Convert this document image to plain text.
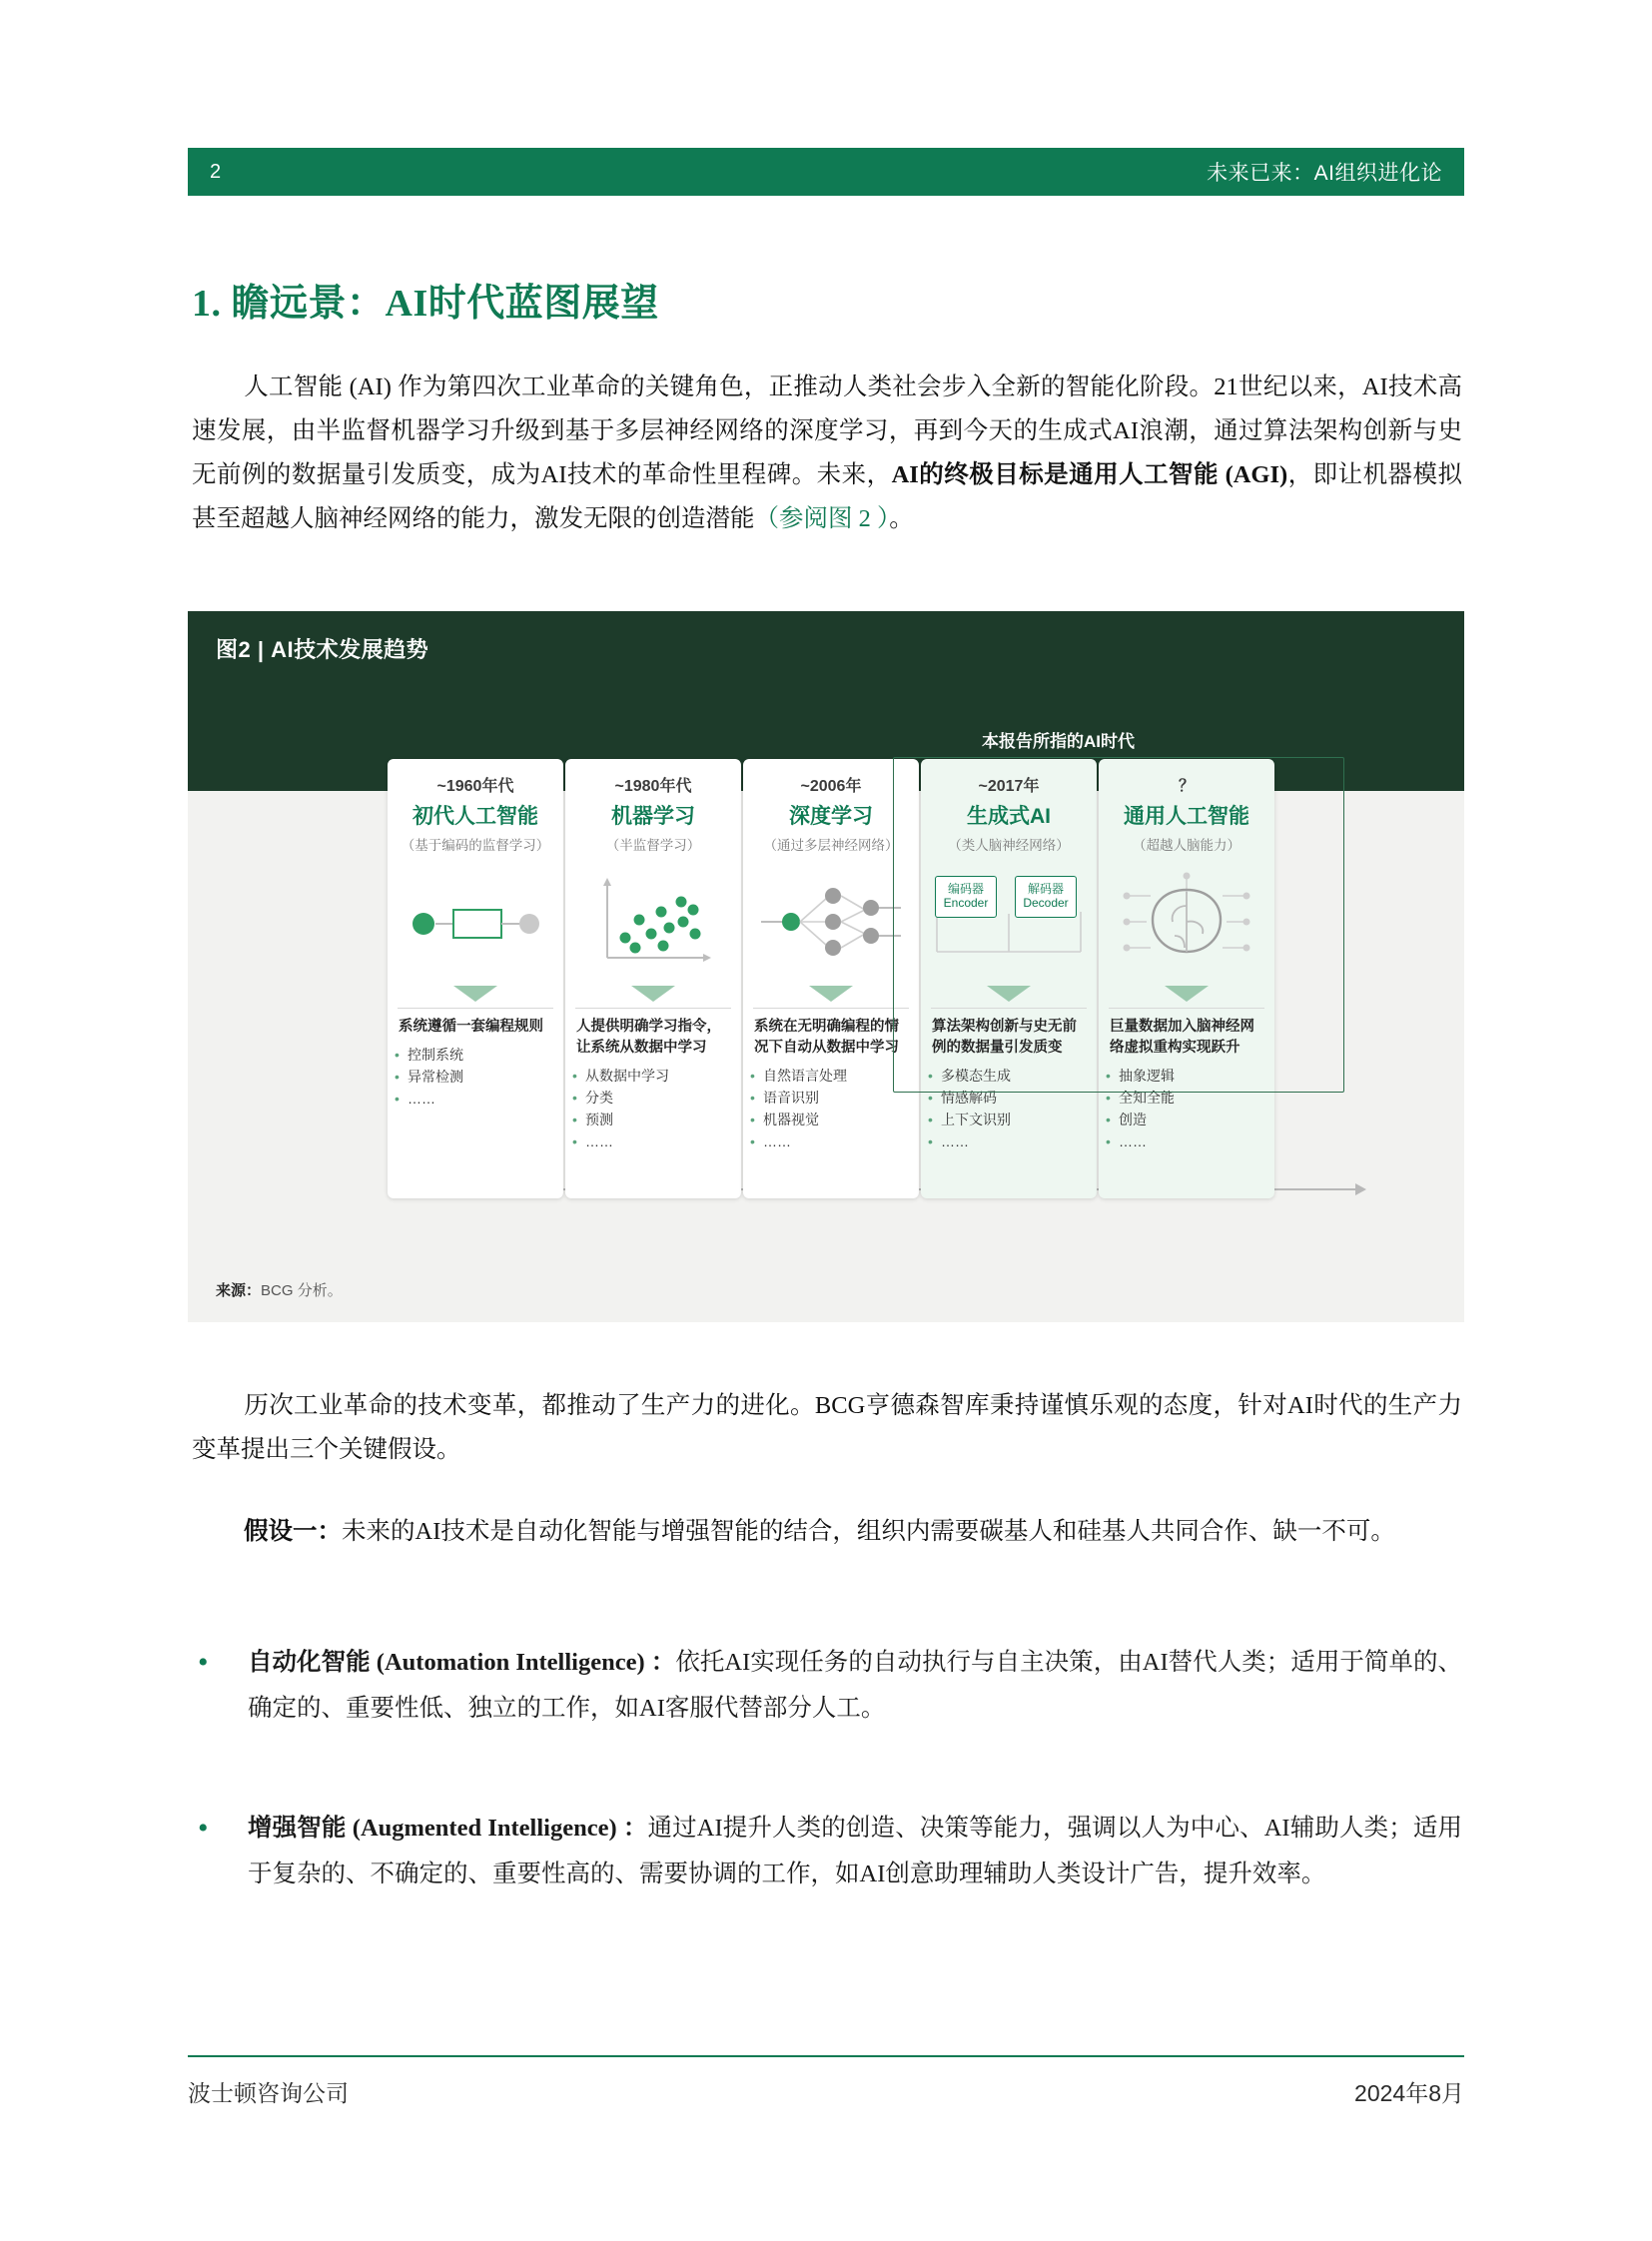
2	未来已来：AI组织进化论
1. 瞻远景：AI时代蓝图展望
人工智能 (AI) 作为第四次工业革命的关键角色，正推动人类社会步入全新的智能化阶段。21世纪以来，AI技术高速发展，由半监督机器学习升级到基于多层神经网络的深度学习，再到今天的生成式AI浪潮，通过算法架构创新与史无前例的数据量引发质变，成为AI技术的革命性里程碑。未来，AI的终极目标是通用人工智能 (AGI)，即让机器模拟甚至超越人脑神经网络的能力，激发无限的创造潜能（参阅图 2 ）。
图2 | AI技术发展趋势
本报告所指的AI时代
~1960年代
初代人工智能
（基于编码的监督学习）
系统遵循一套编程规则
• 控制系统
• 异常检测
• ……
~1980年代
机器学习
（半监督学习）
人提供明确学习指令，让系统从数据中学习
• 从数据中学习
• 分类
• 预测
• ……
~2006年
深度学习
（通过多层神经网络）
系统在无明确编程的情况下自动从数据中学习
• 自然语言处理
• 语音识别
• 机器视觉
• ……
~2017年
生成式AI
（类人脑神经网络）
编码器
Encoder
解码器
Decoder
算法架构创新与史无前例的数据量引发质变
• 多模态生成
• 情感解码
• 上下文识别
• ……
？
通用人工智能
（超越人脑能力）
巨量数据加入脑神经网络虚拟重构实现跃升
• 抽象逻辑
• 全知全能
• 创造
• ……
来源：BCG 分析。
历次工业革命的技术变革，都推动了生产力的进化。BCG亨德森智库秉持谨慎乐观的态度，针对AI时代的生产力变革提出三个关键假设。
假设一：未来的AI技术是自动化智能与增强智能的结合，组织内需要碳基人和硅基人共同合作、缺一不可。
•	自动化智能 (Automation Intelligence) ：依托AI实现任务的自动执行与自主决策，由AI替代人类；适用于简单的、确定的、重要性低、独立的工作，如AI客服代替部分人工。
•	增强智能 (Augmented Intelligence) ：通过AI提升人类的创造、决策等能力，强调以人为中心、AI辅助人类；适用于复杂的、不确定的、重要性高的、需要协调的工作，如AI创意助理辅助人类设计广告，提升效率。
波士顿咨询公司	2024年8月
